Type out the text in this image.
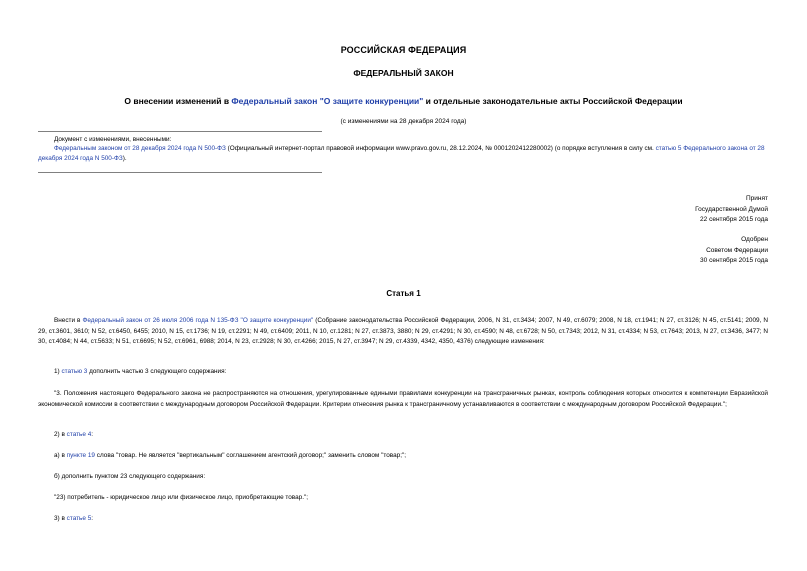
РОССИЙСКАЯ ФЕДЕРАЦИЯ
ФЕДЕРАЛЬНЫЙ ЗАКОН
О внесении изменений в Федеральный закон "О защите конкуренции" и отдельные законодательные акты Российской Федерации
(с изменениями на 28 декабря 2024 года)
Документ с изменениями, внесенными:
Федеральным законом от 28 декабря 2024 года N 500-ФЗ (Официальный интернет-портал правовой информации www.pravo.gov.ru, 28.12.2024, № 0001202412280002) (о порядке вступления в силу см. статью 5 Федерального закона от 28 декабря 2024 года N 500-ФЗ).
Принят
Государственной Думой
22 сентября 2015 года
Одобрен
Советом Федерации
30 сентября 2015 года
Статья 1
Внести в Федеральный закон от 26 июля 2006 года N 135-ФЗ "О защите конкуренции" (Собрание законодательства Российской Федерации, 2006, N 31, ст.3434; 2007, N 49, ст.6079; 2008, N 18, ст.1941; N 27, ст.3126; N 45, ст.5141; 2009, N 29, ст.3601, 3610; N 52, ст.6450, 6455; 2010, N 15, ст.1736; N 19, ст.2291; N 49, ст.6409; 2011, N 10, ст.1281; N 27, ст.3873, 3880; N 29, ст.4291; N 30, ст.4590; N 48, ст.6728; N 50, ст.7343; 2012, N 31, ст.4334; N 53, ст.7643; 2013, N 27, ст.3436, 3477; N 30, ст.4084; N 44, ст.5633; N 51, ст.6695; N 52, ст.6961, 6988; 2014, N 23, ст.2928; N 30, ст.4266; 2015, N 27, ст.3947; N 29, ст.4339, 4342, 4350, 4376) следующие изменения:
1) статью 3 дополнить частью 3 следующего содержания:
"3. Положения настоящего Федерального закона не распространяются на отношения, урегулированные едиными правилами конкуренции на трансграничных рынках, контроль соблюдения которых относится к компетенции Евразийской экономической комиссии в соответствии с международным договором Российской Федерации. Критерии отнесения рынка к трансграничному устанавливаются в соответствии с международным договором Российской Федерации.";
2) в статье 4:
а) в пункте 19 слова "товар. Не является "вертикальным" соглашением агентский договор;" заменить словом "товар;";
б) дополнить пунктом 23 следующего содержания:
"23) потребитель - юридическое лицо или физическое лицо, приобретающие товар.";
3) в статье 5:
